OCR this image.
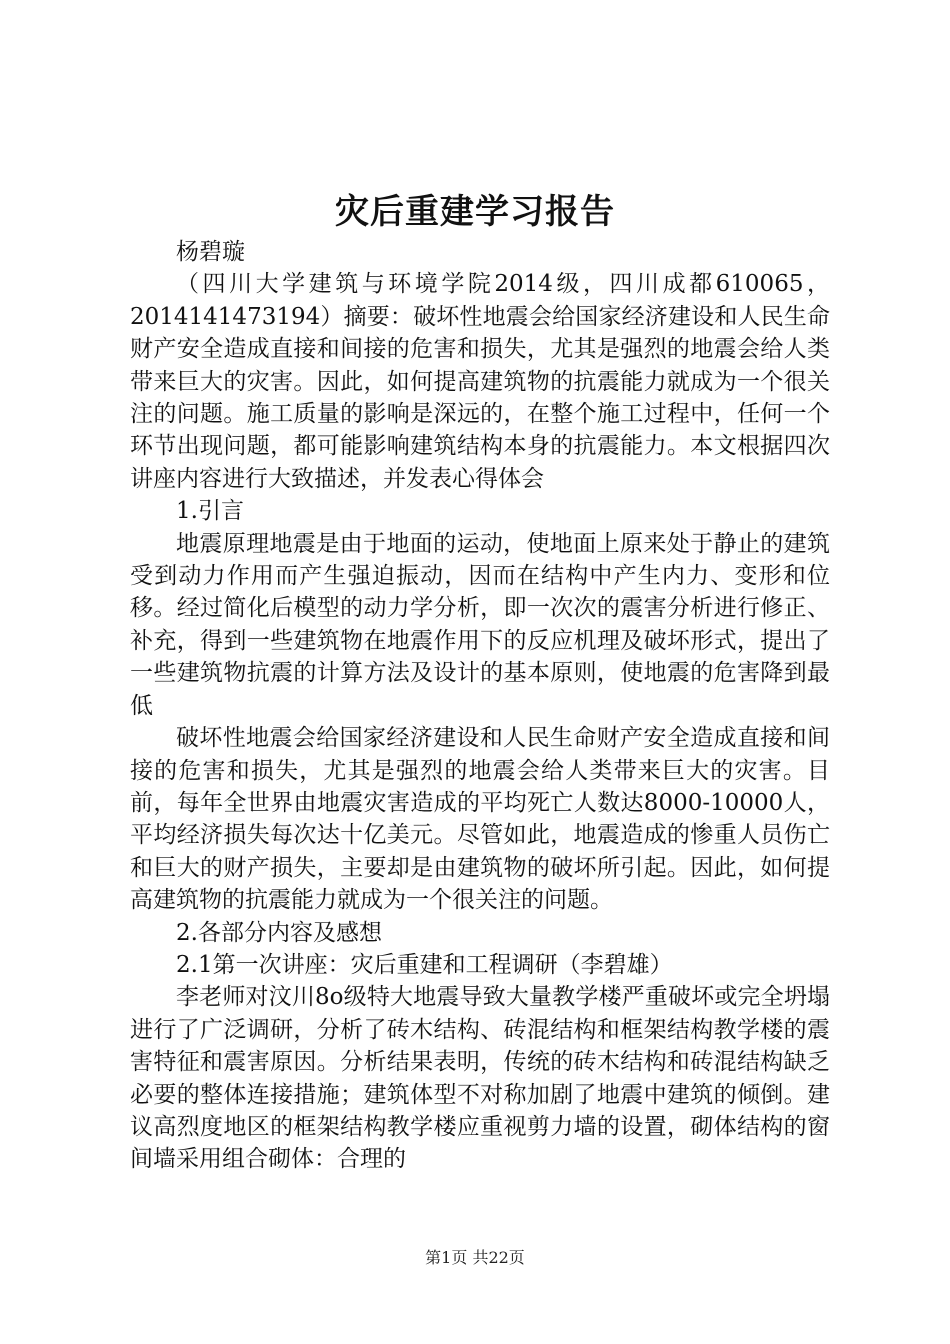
灾后重建学习报告

杨碧璇

（四川大学建筑与环境学院2014级，四川成都610065，2014141473194）摘要：破坏性地震会给国家经济建设和人民生命财产安全造成直接和间接的危害和损失，尤其是强烈的地震会给人类带来巨大的灾害。因此，如何提高建筑物的抗震能力就成为一个很关注的问题。施工质量的影响是深远的，在整个施工过程中，任何一个环节出现问题，都可能影响建筑结构本身的抗震能力。本文根据四次讲座内容进行大致描述，并发表心得体会

1.引言

地震原理地震是由于地面的运动，使地面上原来处于静止的建筑受到动力作用而产生强迫振动，因而在结构中产生内力、变形和位移。经过简化后模型的动力学分析，即一次次的震害分析进行修正、补充，得到一些建筑物在地震作用下的反应机理及破坏形式，提出了一些建筑物抗震的计算方法及设计的基本原则，使地震的危害降到最低

破坏性地震会给国家经济建设和人民生命财产安全造成直接和间接的危害和损失，尤其是强烈的地震会给人类带来巨大的灾害。目前，每年全世界由地震灾害造成的平均死亡人数达8000-10000人，平均经济损失每次达十亿美元。尽管如此，地震造成的惨重人员伤亡和巨大的财产损失，主要却是由建筑物的破坏所引起。因此，如何提高建筑物的抗震能力就成为一个很关注的问题。

2.各部分内容及感想

2.1第一次讲座：灾后重建和工程调研（李碧雄）

李老师对汶川8o级特大地震导致大量教学楼严重破坏或完全坍塌进行了广泛调研，分析了砖木结构、砖混结构和框架结构教学楼的震害特征和震害原因。分析结果表明，传统的砖木结构和砖混结构缺乏必要的整体连接措施；建筑体型不对称加剧了地震中建筑的倾倒。建议高烈度地区的框架结构教学楼应重视剪力墙的设置，砌体结构的窗间墙采用组合砌体：合理的

第1页 共22页
